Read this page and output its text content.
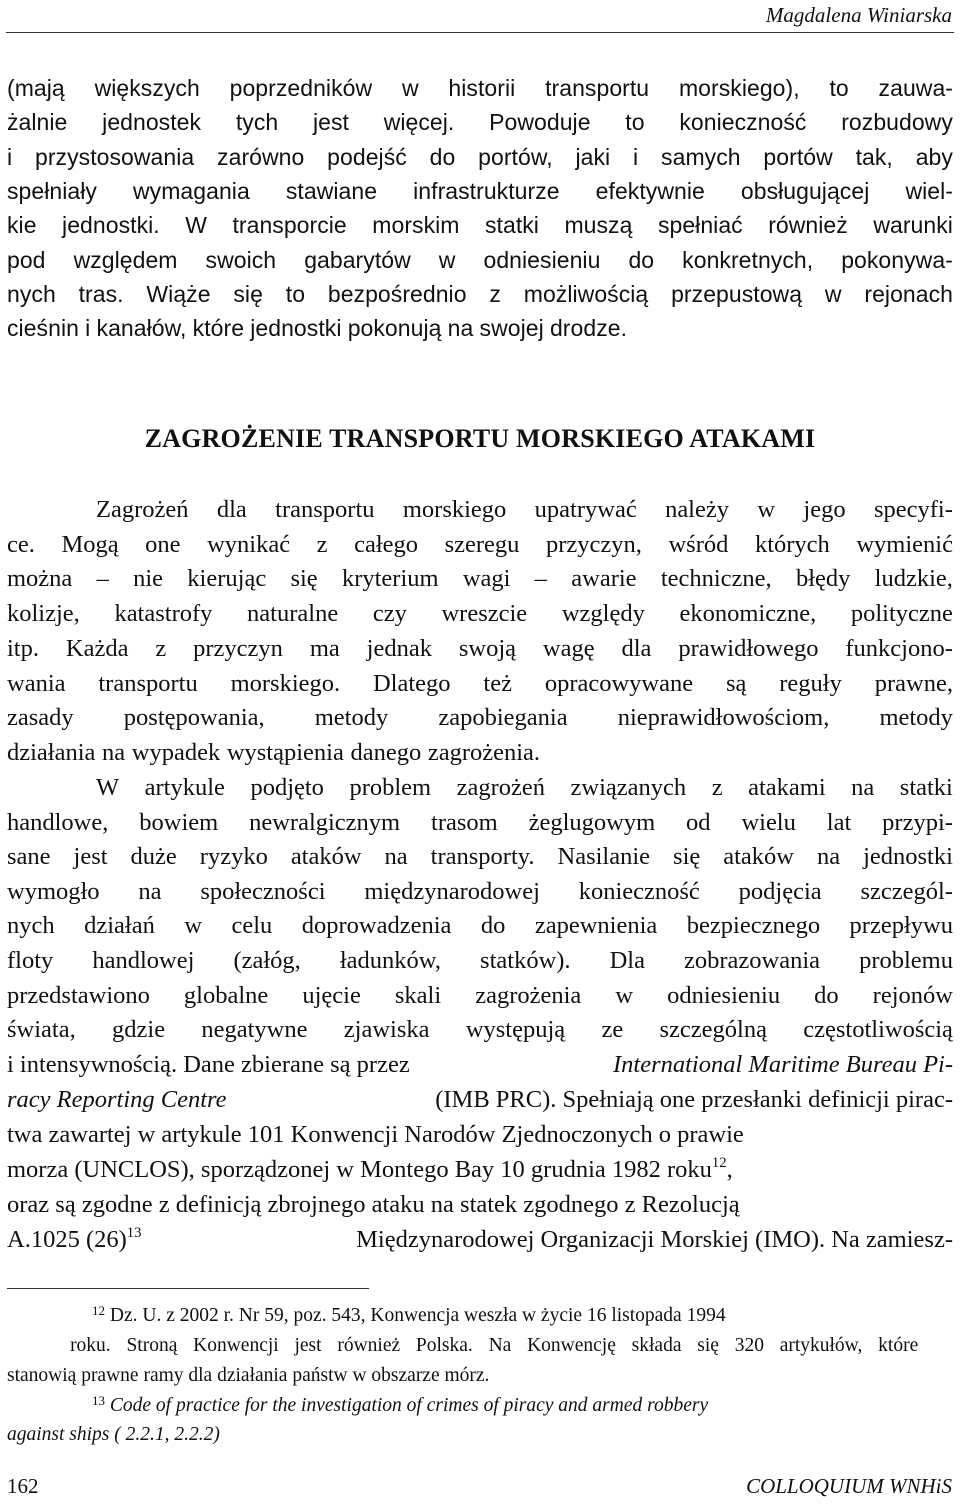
Magdalena Winiarska
(mają większych poprzedników w historii transportu morskiego), to zauwa-
żalnie jednostek tych jest więcej. Powoduje to konieczność rozbudowy
i przystosowania zarówno podejść do portów, jaki i samych portów tak, aby
spełniały wymagania stawiane infrastrukturze efektywnie obsługującej wiel-
kie jednostki. W transporcie morskim statki muszą spełniać również warunki
pod względem swoich gabarytów w odniesieniu do konkretnych, pokonywa-
nych tras. Wiąże się to bezpośrednio z możliwością przepustową w rejonach
cieśnin i kanałów, które jednostki pokonują na swojej drodze.
ZAGROŻENIE TRANSPORTU MORSKIEGO ATAKAMI
Zagrożeń dla transportu morskiego upatrywać należy w jego specyfi-
ce. Mogą one wynikać z całego szeregu przyczyn, wśród których wymienić
można – nie kierując się kryterium wagi – awarie techniczne, błędy ludzkie,
kolizje, katastrofy naturalne czy wreszcie względy ekonomiczne, polityczne
itp. Każda z przyczyn ma jednak swoją wagę dla prawidłowego funkcjono-
wania transportu morskiego. Dlatego też opracowywane są reguły prawne,
zasady postępowania, metody zapobiegania nieprawidłowościom, metody
działania na wypadek wystąpienia danego zagrożenia.
W artykule podjęto problem zagrożeń związanych z atakami na statki
handlowe, bowiem newralgicznym trasom żeglugowym od wielu lat przypi-
sane jest duże ryzyko ataków na transporty. Nasilanie się ataków na jednostki
wymogło na społeczności międzynarodowej konieczność podjęcia szczegól-
nych działań w celu doprowadzenia do zapewnienia bezpiecznego przepływu
floty handlowej (załóg, ładunków, statków). Dla zobrazowania problemu
przedstawiono globalne ujęcie skali zagrożenia w odniesieniu do rejonów
świata, gdzie negatywne zjawiska występują ze szczególną częstotliwością
i intensywnością. Dane zbierane są przez	International Maritime Bureau Pi-
racy Reporting Centre	(IMB PRC). Spełniają one przesłanki definicji pirac-
twa zawartej w artykule 101 Konwencji Narodów Zjednoczonych o prawie
morza (UNCLOS), sporządzonej w Montego Bay 10 grudnia 1982 roku$^{12}$,
oraz są zgodne z definicją zbrojnego ataku na statek zgodnego z Rezolucją
A.1025 $(26)^{13}$	Międzynarodowej Organizacji Morskiej (IMO). Na zamiesz-
$^{12}$ Dz. U. z 2002 r. Nr 59, poz. 543, Konwencja weszła w życie 16 listopada 1994
roku. Stroną Konwencji jest również Polska. Na Konwencję składa się 320 artykułów, które
stanowią prawne ramy dla działania państw w obszarze mórz.
$^{13}$ Code of practice for the investigation of crimes of piracy and armed robbery
against ships ( 2.2.1, 2.2.2)
162	COLLOQUIUM WNHiS
